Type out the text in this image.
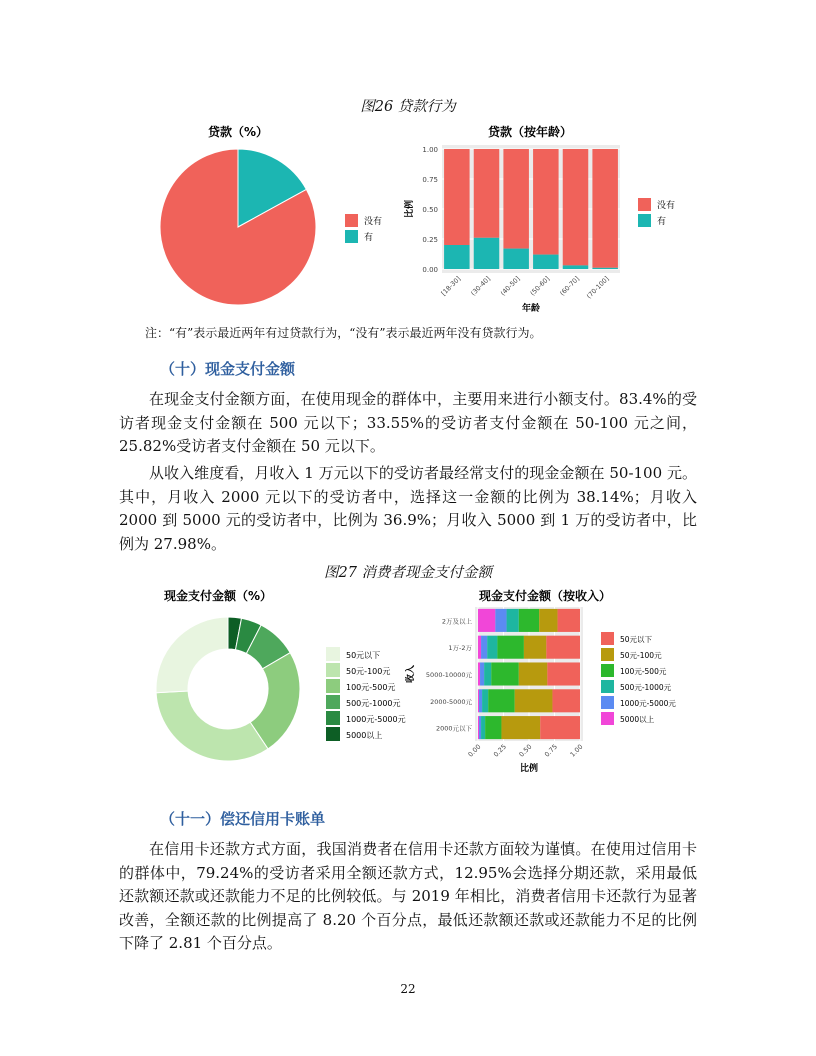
图26 贷款行为
贷款（%）
没有
有
贷款（按年龄）
0.00
0.25
0.50
0.75
1.00
[18-30] (30-40] (40-50] (50-60] (60-70] (70-100]
年龄
比例	没有
有
注：“有”表示最近两年有过贷款行为，“没有”表示最近两年没有贷款行为。
（十）现金支付金额
在现金支付金额方面，在使用现金的群体中，主要用来进行小额支付。83.4%的受访者现金支付金额在 500 元以下；33.55%的受访者支付金额在 50-100 元之间，25.82%受访者支付金额在 50 元以下。
从收入维度看，月收入 1 万元以下的受访者最经常支付的现金金额在 50-100 元。其中，月收入 2000 元以下的受访者中，选择这一金额的比例为 38.14%；月收入 2000 到 5000 元的受访者中，比例为 36.9%；月收入 5000 到 1 万的受访者中，比例为 27.98%。
图27 消费者现金支付金额
现金支付金额（%）
50元以下
50元-100元
100元-500元
500元-1000元
1000元-5000元
5000以上
现金支付金额（按收入）
0.00 0.25 0.50 0.75 1.00
2万及以上
1万-2万
5000-10000元
2000-5000元
2000元以下
比例
收入
50元以下
50元-100元
100元-500元
500元-1000元
1000元-5000元
5000以上
（十一）偿还信用卡账单
在信用卡还款方式方面，我国消费者在信用卡还款方面较为谨慎。在使用过信用卡的群体中，79.24%的受访者采用全额还款方式，12.95%会选择分期还款，采用最低还款额还款或还款能力不足的比例较低。与 2019 年相比，消费者信用卡还款行为显著改善，全额还款的比例提高了 8.20 个百分点，最低还款额还款或还款能力不足的比例下降了 2.81 个百分点。
22
